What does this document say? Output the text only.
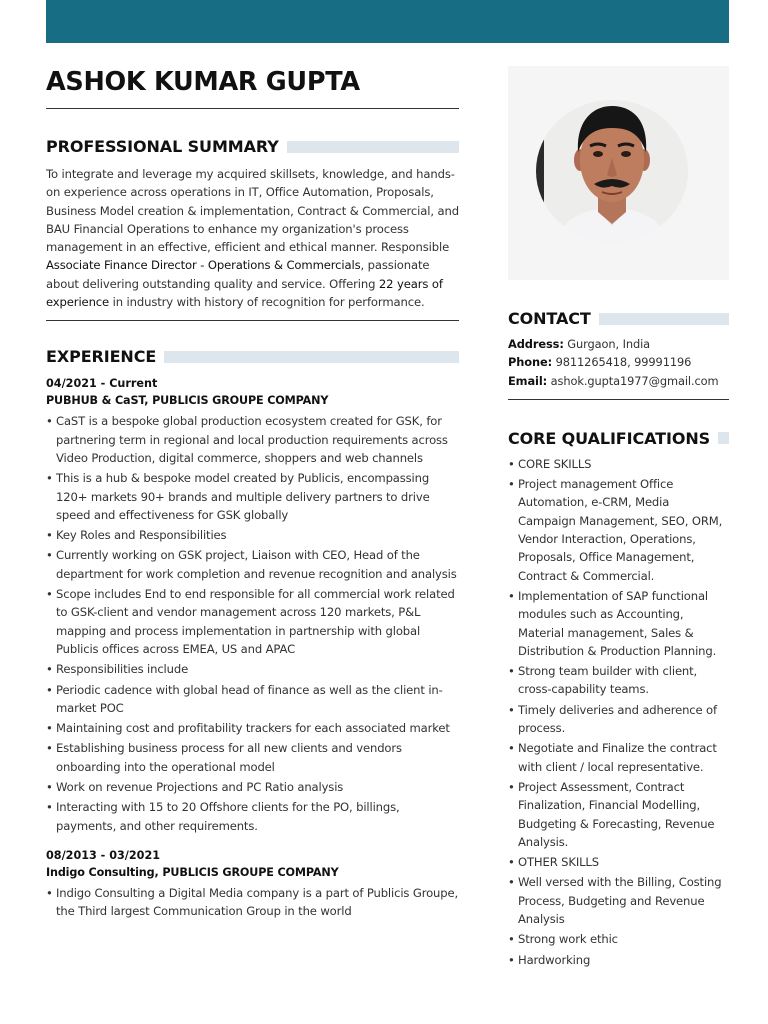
ASHOK KUMAR GUPTA
PROFESSIONAL SUMMARY

To integrate and leverage my acquired skillsets, knowledge, and hands-on experience across operations in IT, Office Automation, Proposals, Business Model creation & implementation, Contract & Commercial, and BAU Financial Operations to enhance my organization's process management in an effective, efficient and ethical manner. Responsible Associate Finance Director - Operations & Commercials, passionate about delivering outstanding quality and service. Offering 22 years of experience in industry with history of recognition for performance.

EXPERIENCE
04/2021 - Current
PUBHUB & CaST, PUBLICIS GROUPE COMPANY
• CaST is a bespoke global production ecosystem created for GSK, for partnering term in regional and local production requirements across Video Production, digital commerce, shoppers and web channels
• This is a hub & bespoke model created by Publicis, encompassing 120+ markets 90+ brands and multiple delivery partners to drive speed and effectiveness for GSK globally
• Key Roles and Responsibilities
• Currently working on GSK project, Liaison with CEO, Head of the department for work completion and revenue recognition and analysis
• Scope includes End to end responsible for all commercial work related to GSK-client and vendor management across 120 markets, P&L mapping and process implementation in partnership with global Publicis offices across EMEA, US and APAC
• Responsibilities include
• Periodic cadence with global head of finance as well as the client in-market POC
• Maintaining cost and profitability trackers for each associated market
• Establishing business process for all new clients and vendors onboarding into the operational model
• Work on revenue Projections and PC Ratio analysis
• Interacting with 15 to 20 Offshore clients for the PO, billings, payments, and other requirements.
08/2013 - 03/2021
Indigo Consulting, PUBLICIS GROUPE COMPANY
• Indigo Consulting a Digital Media company is a part of Publicis Groupe, the Third largest Communication Group in the world
CONTACT
Address: Gurgaon, India
Phone: 9811265418, 99991196
Email: ashok.gupta1977@gmail.com
CORE QUALIFICATIONS
• CORE SKILLS
• Project management Office Automation, e-CRM, Media Campaign Management, SEO, ORM, Vendor Interaction, Operations, Proposals, Office Management, Contract & Commercial.
• Implementation of SAP functional modules such as Accounting, Material management, Sales & Distribution & Production Planning.
• Strong team builder with client, cross-capability teams.
• Timely deliveries and adherence of process.
• Negotiate and Finalize the contract with client / local representative.
• Project Assessment, Contract Finalization, Financial Modelling, Budgeting & Forecasting, Revenue Analysis.
• OTHER SKILLS
• Well versed with the Billing, Costing Process, Budgeting and Revenue Analysis
• Strong work ethic
• Hardworking
